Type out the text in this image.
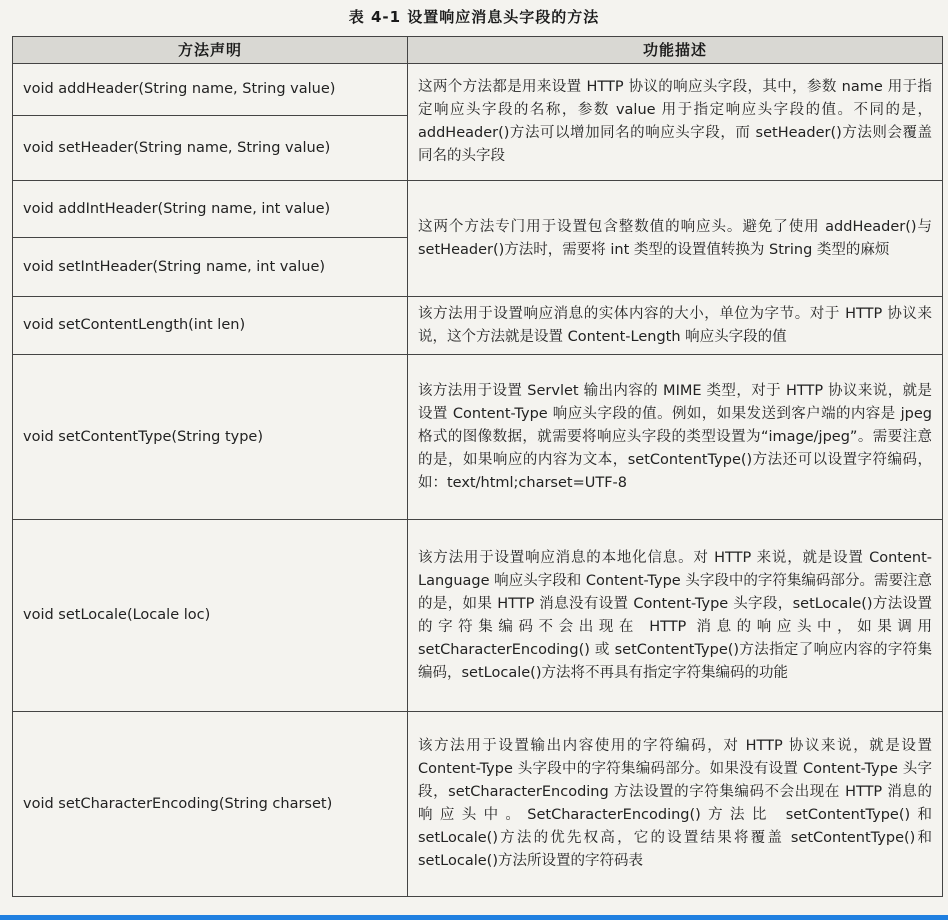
表 4-1 设置响应消息头字段的方法
方法声明	功能描述
void addHeader(String name, String value)	这两个方法都是用来设置 HTTP 协议的响应头字段，其中，参数 name 用于指定响应头字段的名称，参数 value 用于指定响应头字段的值。不同的是，addHeader()方法可以增加同名的响应头字段，而 setHeader()方法则会覆盖同名的头字段
void setHeader(String name, String value)	
void addIntHeader(String name, int value)	这两个方法专门用于设置包含整数值的响应头。避免了使用 addHeader()与 setHeader()方法时，需要将 int 类型的设置值转换为 String 类型的麻烦
void setIntHeader(String name, int value)	
void setContentLength(int len)	该方法用于设置响应消息的实体内容的大小，单位为字节。对于 HTTP 协议来说，这个方法就是设置 Content-Length 响应头字段的值
void setContentType(String type)	该方法用于设置 Servlet 输出内容的 MIME 类型，对于 HTTP 协议来说，就是设置 Content-Type 响应头字段的值。例如，如果发送到客户端的内容是 jpeg 格式的图像数据，就需要将响应头字段的类型设置为“image/jpeg”。需要注意的是，如果响应的内容为文本，setContentType()方法还可以设置字符编码，如：text/html;charset=UTF-8
void setLocale(Locale loc)	该方法用于设置响应消息的本地化信息。对 HTTP 来说，就是设置 Content-Language 响应头字段和 Content-Type 头字段中的字符集编码部分。需要注意的是，如果 HTTP 消息没有设置 Content-Type 头字段，setLocale()方法设置的字符集编码不会出现在 HTTP 消息的响应头中，如果调用 setCharacterEncoding() 或 setContentType()方法指定了响应内容的字符集编码，setLocale()方法将不再具有指定字符集编码的功能
void setCharacterEncoding(String charset)	该方法用于设置输出内容使用的字符编码，对 HTTP 协议来说，就是设置 Content-Type 头字段中的字符集编码部分。如果没有设置 Content-Type 头字段，setCharacterEncoding 方法设置的字符集编码不会出现在 HTTP 消息的响应头中。SetCharacterEncoding()方法比 setContentType()和 setLocale()方法的优先权高，它的设置结果将覆盖 setContentType()和 setLocale()方法所设置的字符码表
